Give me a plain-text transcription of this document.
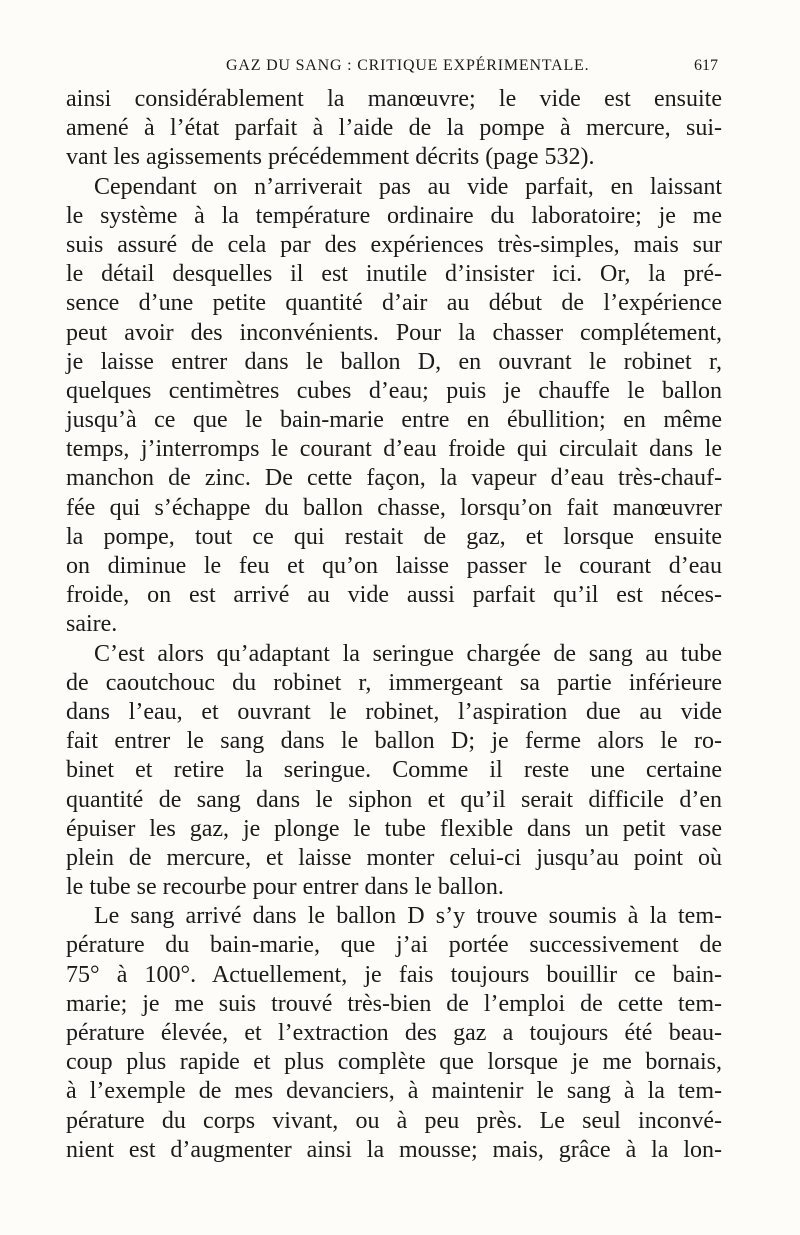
GAZ DU SANG : CRITIQUE EXPÉRIMENTALE.	617
ainsi considérablement la manœuvre; le vide est ensuite
amené à l’état parfait à l’aide de la pompe à mercure, sui-
vant les agissements précédemment décrits (page 532).
Cependant on n’arriverait pas au vide parfait, en laissant
le système à la température ordinaire du laboratoire; je me
suis assuré de cela par des expériences très-simples, mais sur
le détail desquelles il est inutile d’insister ici. Or, la pré-
sence d’une petite quantité d’air au début de l’expérience
peut avoir des inconvénients. Pour la chasser complétement,
je laisse entrer dans le ballon D, en ouvrant le robinet r,
quelques centimètres cubes d’eau; puis je chauffe le ballon
jusqu’à ce que le bain-marie entre en ébullition; en même
temps, j’interromps le courant d’eau froide qui circulait dans le
manchon de zinc. De cette façon, la vapeur d’eau très-chauf-
fée qui s’échappe du ballon chasse, lorsqu’on fait manœuvrer
la pompe, tout ce qui restait de gaz, et lorsque ensuite
on diminue le feu et qu’on laisse passer le courant d’eau
froide, on est arrivé au vide aussi parfait qu’il est néces-
saire.
C’est alors qu’adaptant la seringue chargée de sang au tube
de caoutchouc du robinet r, immergeant sa partie inférieure
dans l’eau, et ouvrant le robinet, l’aspiration due au vide
fait entrer le sang dans le ballon D; je ferme alors le ro-
binet et retire la seringue. Comme il reste une certaine
quantité de sang dans le siphon et qu’il serait difficile d’en
épuiser les gaz, je plonge le tube flexible dans un petit vase
plein de mercure, et laisse monter celui-ci jusqu’au point où
le tube se recourbe pour entrer dans le ballon.
Le sang arrivé dans le ballon D s’y trouve soumis à la tem-
pérature du bain-marie, que j’ai portée successivement de
75° à 100°. Actuellement, je fais toujours bouillir ce bain-
marie; je me suis trouvé très-bien de l’emploi de cette tem-
pérature élevée, et l’extraction des gaz a toujours été beau-
coup plus rapide et plus complète que lorsque je me bornais,
à l’exemple de mes devanciers, à maintenir le sang à la tem-
pérature du corps vivant, ou à peu près. Le seul inconvé-
nient est d’augmenter ainsi la mousse; mais, grâce à la lon-
